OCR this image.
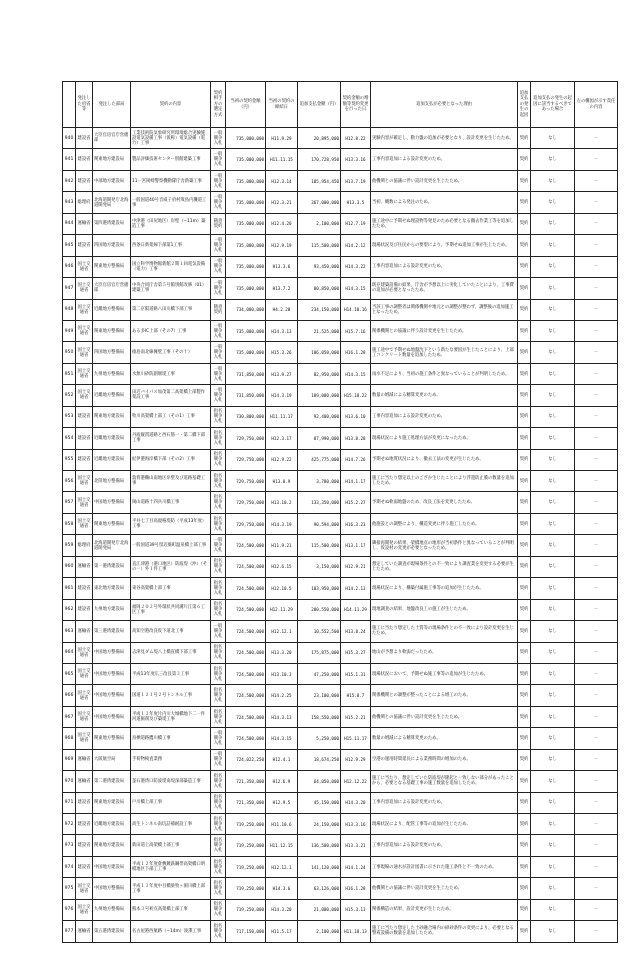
	発注した府省等	発注した部局	契約の内容	契約相手方の選定方式	当初の契約金額（円）	当初の契約の締結日	追加支払金額（円）	契約金額の増額等契約変更を行った日	追加支払が必要となった理由	追加支払の発生の起因	追加支払の発生の起因に該当するべきであった場合	左の構図が示す責任の内容
940	建設省	大臣官房官庁営繕部	工業技術院気象研究所環境総合実験施設電気設備工事（仮称）電気設備（電力）工事	一般競争入札	735,000,000	H11.9.29	20,895,000	H12.8.22	実験内容が確定し、動力盤の追加が必要となり、設計変更を生じたため。	契約	なし	－
941	建設省	関東地方建設局	製品評価技術センター別館建築工事	一般競争入札	735,000,000	H11.11.15	170,728,950	H13.3.16	工事内容追加による設計変更のため。	契約	なし	－
942	建設省	中部地方建設局	11一宮岡崎警察機動隊庁舎新築工事	一般競争入札	735,000,000	H12.3.14	105,954,450	H13.7.19	他機関との協議に伴い設計変更を生じたため。	契約	なし	－
943	総理府	北海道開発庁北海道開発局	一般国道40号音威子府村筬島内灘道工事	一般競争入札	735,000,000	H12.3.21	367,000,000	H13.3.5	当初、概数による発注のため。	契約	なし	－
944	運輸省	第四港湾建設局	中津港（田尻地区）岸壁（−11m）築造工事	随意契約	735,000,000	H12.4.20	2,100,000	H12.7.19	施工途中に予期せぬ埋設物等発見のため必要となる撤去作業工等を追加したため。	契約	なし	－
945	建設省	四国地方建設局	西条日新架線下部第1工事	一般競争入札	735,000,000	H12.9.19	115,500,000	H14.2.12	現場状況及び住民からの要望により、予期せぬ追加工事が生じたため。	契約	なし	－
946	国土交通省	関東地方整備局	国立科学博物館新館２期１回電気設備（電力）工事	一般競争入札	735,000,000	H13.3.6	93,450,000	H14.3.22	工事内容追加による設計変更のため。	契約	なし	－
947	国土交通省	大臣官房官庁営繕部	中央合同庁舎第５号館別館改修（01）建築工事	一般競争入札	735,000,000	H13.7.2	80,850,000	H14.3.15	既存建築設備の結果、庁舎が予想以上に劣化していたことにより、工事費の追加が必要となったため。	契約	なし	－
948	国土交通省	近畿地方整備局	第二京阪道路八田川橋下部工事	随意契約	734,000,000	H4.2.20	234,150,000	H14.10.16	当該工事の調整者は関係機関や地元との調整が整わず、調整後の追加施工となったため。	契約	なし	－
949	国土交通省	関東地方整備局	ある多IC上部（その7）工事	一般競争入札	735,000,000	H14.3.13	21,525,000	H15.7.16	関係機関との協議に伴う設計変更を生じたため。	契約	なし	－
950	国土交通省	四国地方整備局	徳島南北線擁壁工事（その十）	一般競争入札	735,000,000	H15.3.26	106,050,000	H16.1.28	施工途中で予期せぬ地盤沈下という新たな要因が生じたことにより、上部工コンクリート数量を追加したため。	契約	なし	－
951	国土交通省	九州地方整備局	水無川砂防副堰堤工事	一般競争入札	731,850,000	H13.9.27	82,950,000	H14.3.15	雨水不足により、当初の施工条件と異なっていることが判明したため。	契約	なし	－
952	国土交通省	近畿地方整備局	田辺バイパス加茂第二高架橋上部製作架設工事	一般競争入札	731,850,000	H14.3.19	189,000,000	H15.10.22	数量の増減による精算変更のため。	契約	なし	－
953	建設省	関東地方建設局	牧川高架橋上部工（その1）工事	指名競争入札	730,800,000	H11.11.17	92,400,000	H13.6.10	工事内容追加による設計変更のため。	契約	なし	－
954	建設省	近畿地方建設局	丹波縦貫道路と西石筋一・第二橋下部工事	指名競争入札	729,750,000	H12.3.17	87,990,000	H13.8.28	現場状況により施工処理方法が変更になったため。	契約	なし	－
955	建設省	近畿地方建設局	紀伊港海岸橋下部（その2）工事	指名競争入札	729,750,000	H12.9.22	425,775,000	H14.7.26	予期せぬ地質状況により、撤去工法の変更が生じたため。	契約	なし	－
956	国土交通省	北陸地方整備局	敦賀港鞠山南地区岸壁及び道路基礎工事	指名競争入札	729,750,000	H13.8.9	3,780,000	H14.1.17	施工に当たり想定以上のござか生じたことにより浮遊防止膜の数量を追加したため。	契約	なし	－
957	国土交通省	中国地方整備局	岡山道路十四兵川橋工事	指名競争入札	729,750,000	H13.10.2	133,350,000	H15.2.27	予期せぬ軟弱地盤のため、改良工法を変更したため。	契約	なし	－
958	国土交通省	関東地方整備局	平井七丁目高規格堤防（平成13年度）工事	指名競争入札	729,750,000	H14.3.19	90,594,000	H16.3.23	他施設との調整により、構造変更に伴う施工したため。	契約	なし	－
959	総理府	北海道開発庁北海道開発局	一般国道39号留辺蘂町温泉橋上部工事	一般競争入札	724,500,000	H11.9.21	115,500,000	H13.1.17	隣接再開発の結果、架橋地点の地形が当初条件と異なっていることが判明し、仮設材の変更が必要となったため。	契約	なし	－
960	運輸省	第一港湾建設局	直江津港（港口地区）防波堤（沖）（その一）外１件工事	指名競争入札	724,500,000	H12.6.15	3,150,000	H12.9.21	想定していた調査が現場条件との不一致により調査業を変更する必要が生じたため。	契約	なし	－
961	建設省	東北地方建設局	東谷高架橋上部工事	指名競争入札	724,500,000	H12.10.5	103,950,000	H14.2.13	現場状況により、構築付属施工事等の追加が生じたため。	契約	なし	－
962	建設省	九州地方建設局	福岡２０２号外環状共同溝片江第６工区工事	指名競争入札	724,500,000	H12.11.29	200,550,000	H14.11.29	現地調査の結果、地盤改良工の施工が生じたため。	契約	なし	－
963	運輸省	第三港湾建設局	高知空港改良仮下道北工事	一般競争入札	724,500,000	H12.12.1	10,552,500	H13.8.24	施工に当たり想定した土質等の現場条件との不一致により設計変更を生じたため。	契約	なし	－
964	国土交通省	中国地方整備局	志津見ダム堤八上橋直橋下部工事	指名競争入札	724,500,000	H13.3.20	175,875,000	H15.3.27	地山が予想より軟弱だったため。	契約	なし	－
965	国土交通省	中国地方整備局	平成13年度広三改良第３工事	指名競争入札	724,500,000	H13.10.3	47,250,000	H15.1.31	現場状況において、予期せぬ施工事等の追加が生じたため。	契約	なし	－
966	国土交通省	中国地方整備局	国道１２１号２号トンネル工事	指名競争入札	724,500,000	H14.2.25	23,100,000	H15.8.7	関係機関との調整が整ったことによる増工のため。	契約	なし	－
967	国土交通省	中国地方整備局	平成１３年度片内川大城橋地下二一件河道掘削及び築堤工事	指名競争入札	724,500,000	H14.3.13	158,550,000	H15.2.21	他機関との協議に伴い設計変更を生じたため。	契約	なし	－
968	国土交通省	関東地方整備局	鳥栖道路鷹川橋工事	一般競争入札	724,500,000	H14.3.15	5,250,000	H15.11.17	数量の増減による精算変更のため。	契約	なし	－
969	運輸省	大阪航空局	手荷物検査業務	一般競争入札	724,022,250	H12.4.1	18,674,250	H12.9.29	空港の運用時間延長による業務時間の増加のため。	契約	なし	－
970	運輸省	第二港湾建設局	釜石港湾口防波堤南堤深部築造工事	指名競争入札	721,350,000	H12.6.9	64,050,000	H12.12.22	施工に当たり、想定していた防波堤が隆起と一致しない部分があったことから、必要となる基礎工事の施工数量を追加したため。	契約	なし	－
971	建設省	関東地方建設局	戸川橋上部工事	指名競争入札	721,350,000	H12.9.5	45,150,000	H14.3.20	工事内容追加による設計変更のため。	契約	なし	－
972	建設省	近畿地方建設局	高生トンネル南坑詰補耐設工事	指名競争入札	719,250,000	H11.10.6	24,150,000	H13.3.16	現場状況により、配管工事等の追加が生じたため。	契約	なし	－
973	建設省	関東地方建設局	新田道上高架橋上部工事	指名競争入札	719,250,000	H11.12.15	136,500,000	H13.3.21	工事内容追加による設計変更のため。	契約	なし	－
974	建設省	中国地方建設局	平成１２年度倉敷鍍鉄鋼帯高架橋口明模地区下部工工事	指名競争入札	719,250,000	H12.12.1	141,120,000	H14.1.24	工事現場の通水が設計図書に示された施工条件と不一致のため。	契約	なし	－
975	国土交通省	中国地方整備局	平成１３年度中目橋梁牧ヶ洞川橋上部工事	指名競争入札	719,250,000	H14.3.6	63,126,000	H16.1.28	他機関との協議に伴い設計変更を生じたため。	契約	なし	－
976	国土交通省	九州地方整備局	熊本３号初点高架橋上部工事	指名競争入札	719,250,000	H14.3.20	21,000,000	H15.3.13	関係構造の結果、設計変更が生じたため。	契約	なし	－
977	運輸省	第五港湾建設局	名古屋港西航路（−14m）浚渫工事	指名競争入札	717,150,000	H11.5.17	2,100,000	H11.10.13	施工に当たり想定した土砂融合場内の掃砂条件の変更により、必要となる警戒設備の数量を追加したため。	契約	なし	－
